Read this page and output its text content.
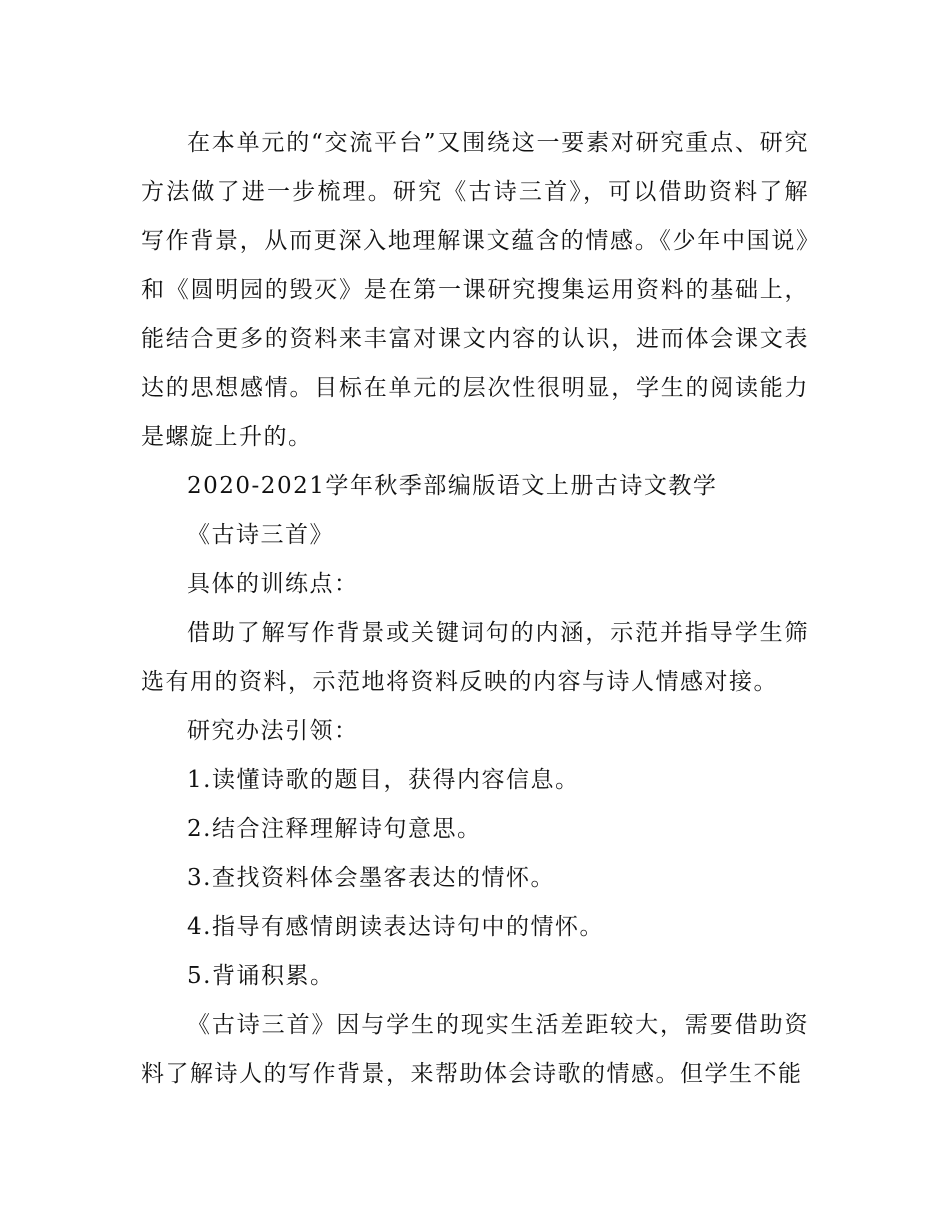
在本单元的“交流平台”又围绕这一要素对研究重点、研究方法做了进一步梳理。研究《古诗三首》，可以借助资料了解写作背景，从而更深入地理解课文蕴含的情感。《少年中国说》和《圆明园的毁灭》是在第一课研究搜集运用资料的基础上，能结合更多的资料来丰富对课文内容的认识，进而体会课文表达的思想感情。目标在单元的层次性很明显，学生的阅读能力是螺旋上升的。

2020-2021学年秋季部编版语文上册古诗文教学

《古诗三首》

具体的训练点：

借助了解写作背景或关键词句的内涵，示范并指导学生筛选有用的资料，示范地将资料反映的内容与诗人情感对接。

研究办法引领：

1.读懂诗歌的题目，获得内容信息。

2.结合注释理解诗句意思。

3.查找资料体会墨客表达的情怀。

4.指导有感情朗读表达诗句中的情怀。

5.背诵积累。

《古诗三首》因与学生的现实生活差距较大，需要借助资料了解诗人的写作背景，来帮助体会诗歌的情感。但学生不能
